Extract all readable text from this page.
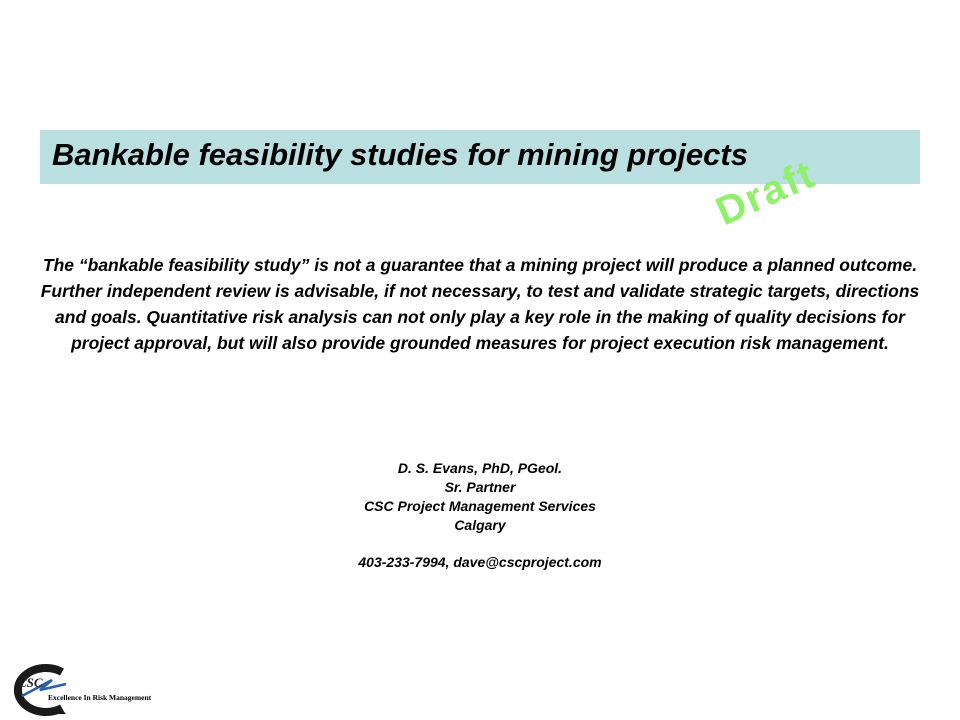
Bankable feasibility studies for mining projects
Draft

The “bankable feasibility study” is not a guarantee that a mining project will produce a planned outcome. Further independent review is advisable, if not necessary, to test and validate strategic targets, directions and goals. Quantitative risk analysis can not only play a key role in the making of quality decisions for project approval, but will also provide grounded measures for project execution risk management.

D. S. Evans, PhD, PGeol.
Sr. Partner
CSC Project Management Services
Calgary
403-233-7994, dave@cscproject.com
CSC
Excellence In Risk Management
